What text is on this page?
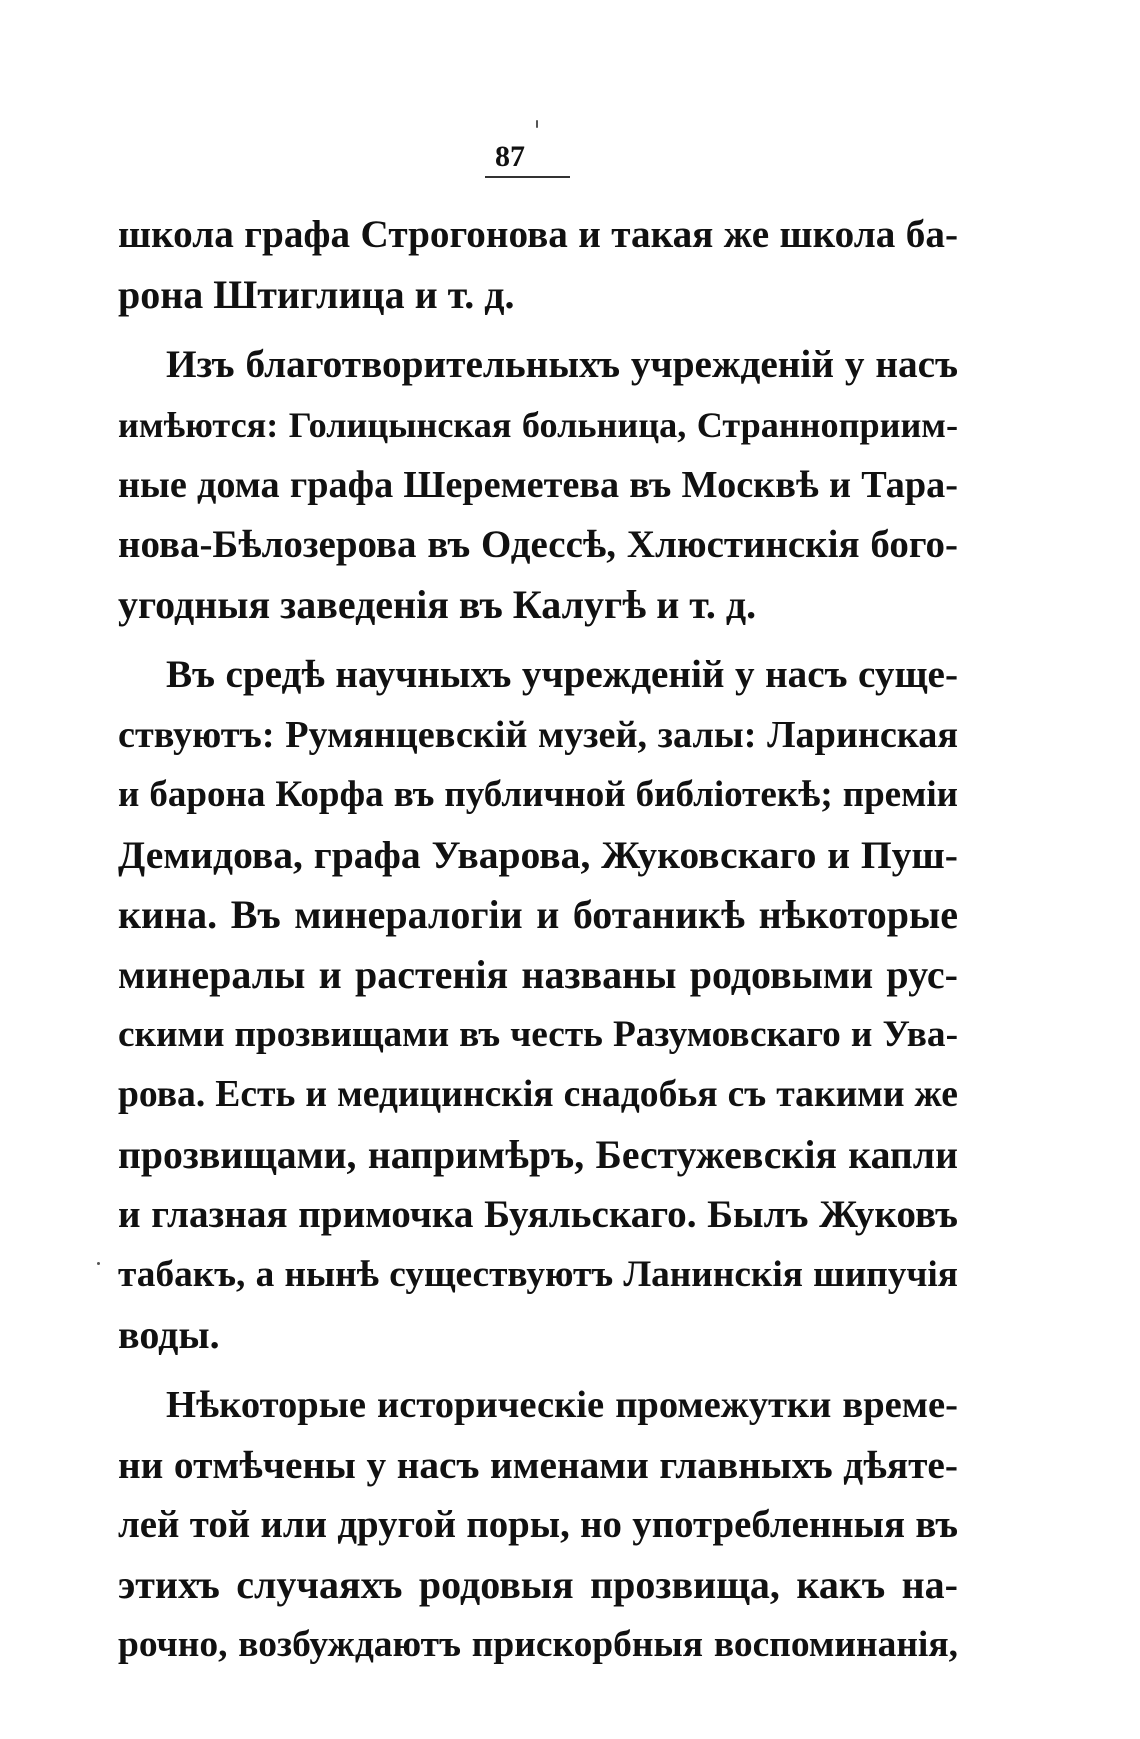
87
школа графа Строгонова и такая же школа ба-
рона Штиглица и т. д.
Изъ благотворительныхъ учрежденій у насъ
имѣются: Голицынская больница, Странноприим-
ные дома графа Шереметева въ Москвѣ и Тара-
нова-Бѣлозерова въ Одессѣ, Хлюстинскія бого-
угодныя заведенія въ Калугѣ и т. д.
Въ средѣ научныхъ учрежденій у насъ суще-
ствуютъ: Румянцевскій музей, залы: Ларинская
и барона Корфа въ публичной библіотекѣ; преміи
Демидова, графа Уварова, Жуковскаго и Пуш-
кина. Въ минералогіи и ботаникѣ нѣкоторые
минералы и растенія названы родовыми рус-
скими прозвищами въ честь Разумовскаго и Ува-
рова. Есть и медицинскія снадобья съ такими же
прозвищами, напримѣръ, Бестужевскія капли
и глазная примочка Буяльскаго. Былъ Жуковъ
табакъ, а нынѣ существуютъ Ланинскія шипучія
воды.
Нѣкоторые историческіе промежутки време-
ни отмѣчены у насъ именами главныхъ дѣяте-
лей той или другой поры, но употребленныя въ
этихъ случаяхъ родовыя прозвища, какъ на-
рочно, возбуждаютъ прискорбныя воспоминанія,
